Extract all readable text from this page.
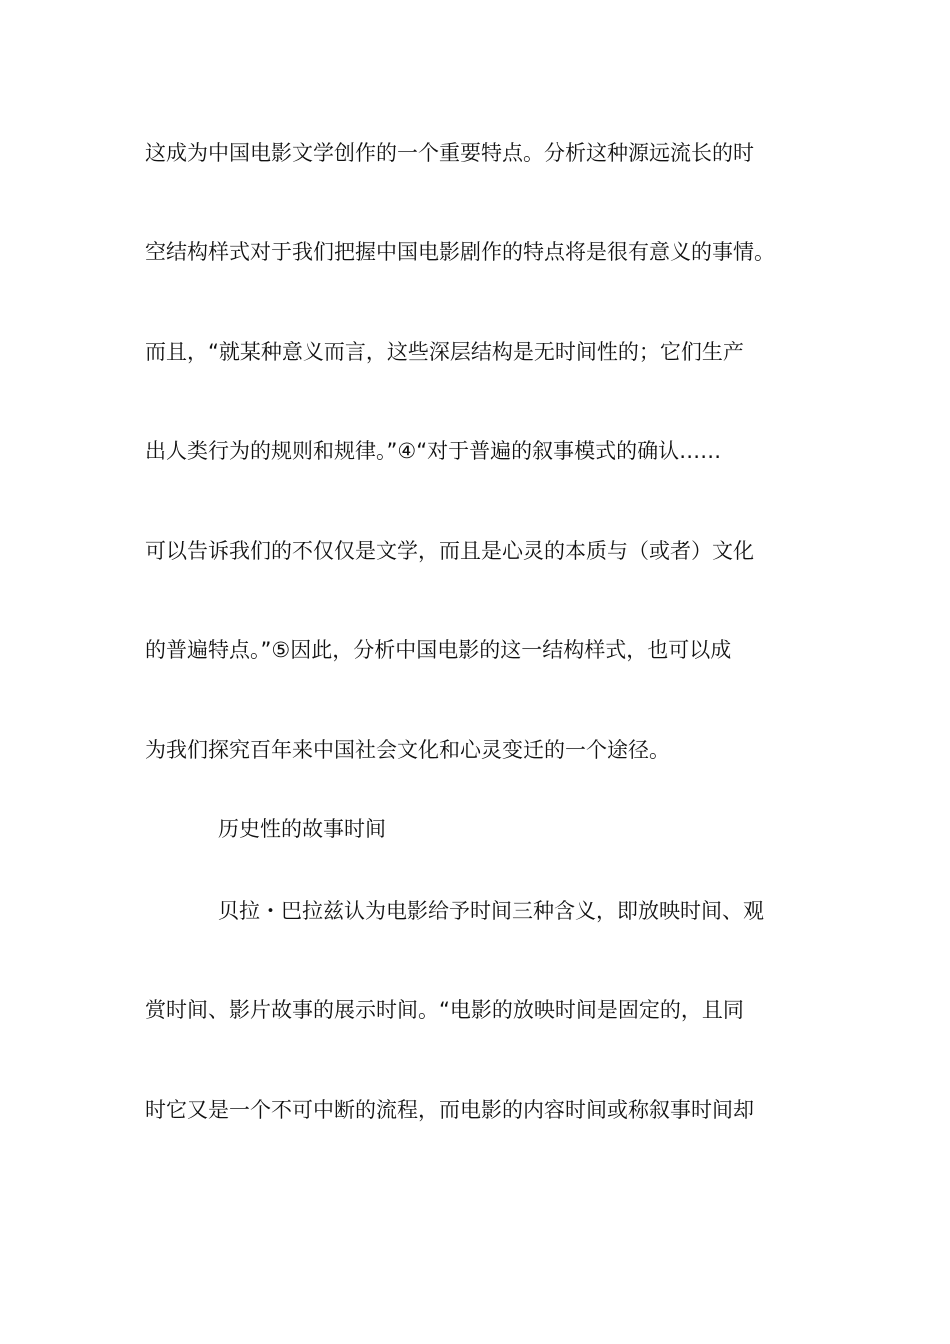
这成为中国电影文学创作的一个重要特点。分析这种源远流长的时
空结构样式对于我们把握中国电影剧作的特点将是很有意义的事情。
而且，“就某种意义而言，这些深层结构是无时间性的；它们生产
出人类行为的规则和规律。”④“对于普遍的叙事模式的确认……
可以告诉我们的不仅仅是文学，而且是心灵的本质与（或者）文化
的普遍特点。”⑤因此，分析中国电影的这一结构样式，也可以成
为我们探究百年来中国社会文化和心灵变迁的一个途径。
历史性的故事时间
贝拉・巴拉兹认为电影给予时间三种含义，即放映时间、观
赏时间、影片故事的展示时间。“电影的放映时间是固定的，且同
时它又是一个不可中断的流程，而电影的内容时间或称叙事时间却
